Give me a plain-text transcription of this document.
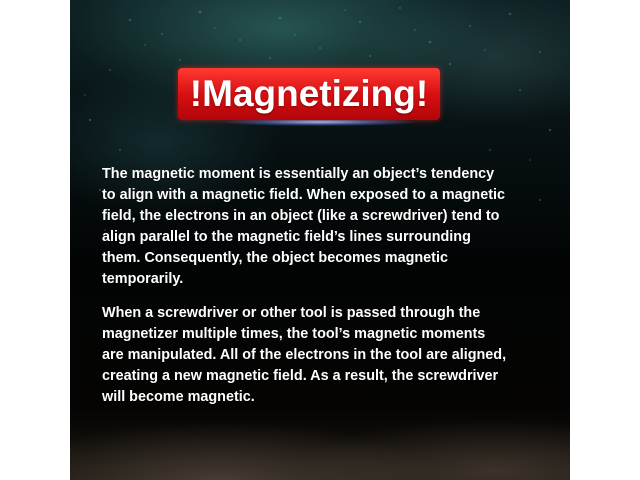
!Magnetizing!

The magnetic moment is essentially an object’s tendency
to align with a magnetic field. When exposed to a magnetic
field, the electrons in an object (like a screwdriver) tend to
align parallel to the magnetic field’s lines surrounding
them. Consequently, the object becomes magnetic
temporarily.

When a screwdriver or other tool is passed through the
magnetizer multiple times, the tool’s magnetic moments
are manipulated. All of the electrons in the tool are aligned,
creating a new magnetic field. As a result, the screwdriver
will become magnetic.
